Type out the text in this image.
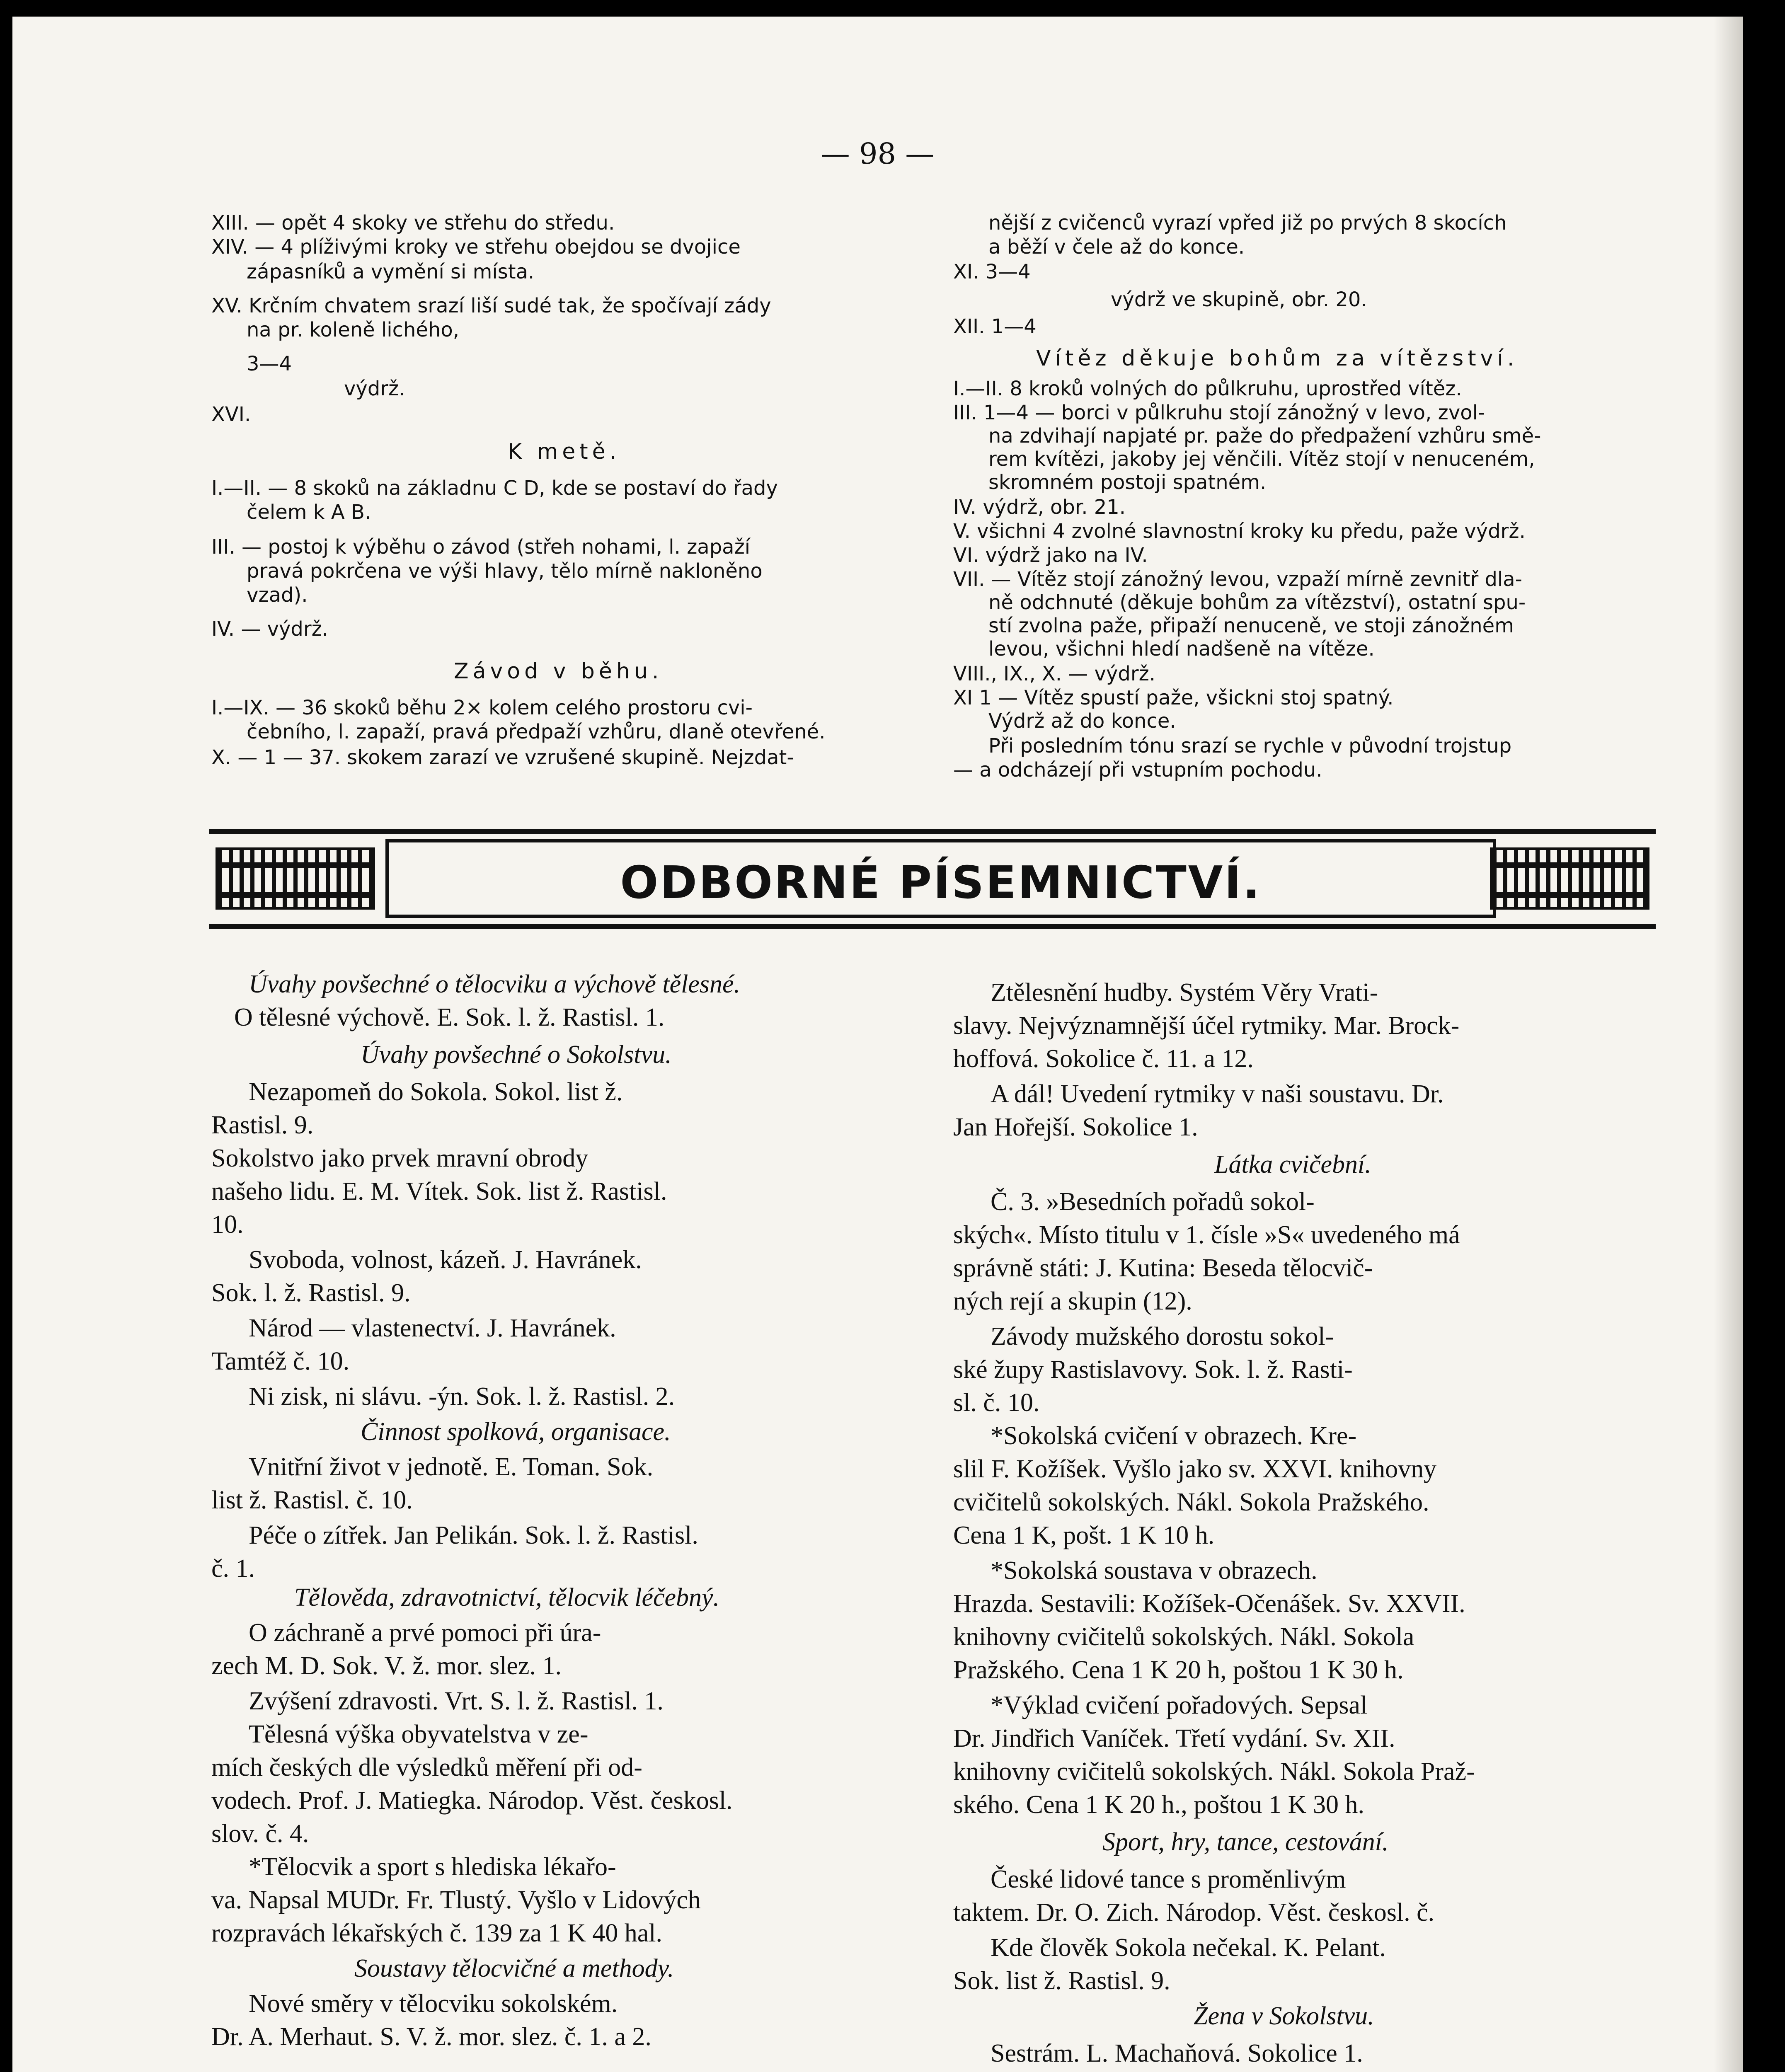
— 98 —
XIII. — opět 4 skoky ve střehu do středu.
XIV. — 4 plíživými kroky ve střehu obejdou se dvojice
zápasníků a vymění si místa.
XV. Krčním chvatem srazí liší sudé tak, že spočívají zády
na pr. koleně lichého,
3—4
výdrž.
XVI.
K metě.
I.—II. — 8 skoků na základnu C D, kde se postaví do řady
čelem k A B.
III. — postoj k výběhu o závod (střeh nohami, l. zapaží
pravá pokrčena ve výši hlavy, tělo mírně nakloněno
vzad).
IV. — výdrž.
Závod v běhu.
I.—IX. — 36 skoků běhu 2× kolem celého prostoru cvi-
čebního, l. zapaží, pravá předpaží vzhůru, dlaně otevřené.
X. — 1 — 37. skokem zarazí ve vzrušené skupině. Nejzdat-
nější z cvičenců vyrazí vpřed již po prvých 8 skocích
a běží v čele až do konce.
XI. 3—4
výdrž ve skupině, obr. 20.
XII. 1—4
Vítěz děkuje bohům za vítězství.
I.—II. 8 kroků volných do půlkruhu, uprostřed vítěz.
III. 1—4 — borci v půlkruhu stojí zánožný v levo, zvol-
na zdvihají napjaté pr. paže do předpažení vzhůru smě-
rem kvítězi, jakoby jej věnčili. Vítěz stojí v nenuceném,
skromném postoji spatném.
IV. výdrž, obr. 21.
V. všichni 4 zvolné slavnostní kroky ku předu, paže výdrž.
VI. výdrž jako na IV.
VII. — Vítěz stojí zánožný levou, vzpaží mírně zevnitř dla-
ně odchnuté (děkuje bohům za vítězství), ostatní spu-
stí zvolna paže, připaží nenuceně, ve stoji zánožném
levou, všichni hledí nadšeně na vítěze.
VIII., IX., X. — výdrž.
XI 1 — Vítěz spustí paže, všickni stoj spatný.
Výdrž až do konce.
Při posledním tónu srazí se rychle v původní trojstup
— a odcházejí při vstupním pochodu.
ODBORNÉ PÍSEMNICTVÍ.
Úvahy povšechné o tělocviku a výchově tělesné.
O tělesné výchově. E. Sok. l. ž. Rastisl. 1.
Úvahy povšechné o Sokolstvu.
Nezapomeň do Sokola. Sokol. list ž.
Rastisl. 9.
Sokolstvo jako prvek mravní obrody
našeho lidu. E. M. Vítek. Sok. list ž. Rastisl.
10.
Svoboda, volnost, kázeň. J. Havránek.
Sok. l. ž. Rastisl. 9.
Národ — vlastenectví. J. Havránek.
Tamtéž č. 10.
Ni zisk, ni slávu. -ýn. Sok. l. ž. Rastisl. 2.
Činnost spolková, organisace.
Vnitřní život v jednotě. E. Toman. Sok.
list ž. Rastisl. č. 10.
Péče o zítřek. Jan Pelikán. Sok. l. ž. Rastisl.
č. 1.
Tělověda, zdravotnictví, tělocvik léčebný.
O záchraně a prvé pomoci při úra-
zech M. D. Sok. V. ž. mor. slez. 1.
Zvýšení zdravosti. Vrt. S. l. ž. Rastisl. 1.
Tělesná výška obyvatelstva v ze-
mích českých dle výsledků měření při od-
vodech. Prof. J. Matiegka. Národop. Věst. českosl.
slov. č. 4.
*Tělocvik a sport s hlediska lékařo-
va. Napsal MUDr. Fr. Tlustý. Vyšlo v Lidových
rozpravách lékařských č. 139 za 1 K 40 hal.
Soustavy tělocvičné a methody.
Nové směry v tělocviku sokolském.
Dr. A. Merhaut. S. V. ž. mor. slez. č. 1. a 2.
Ztělesnění hudby. Systém Věry Vrati-
slavy. Nejvýznamnější účel rytmiky. Mar. Brock-
hoffová. Sokolice č. 11. a 12.
A dál! Uvedení rytmiky v naši soustavu. Dr.
Jan Hořejší. Sokolice 1.
Látka cvičební.
Č. 3. »Besedních pořadů sokol-
ských«. Místo titulu v 1. čísle »S« uvedeného má
správně státi: J. Kutina: Beseda tělocvič-
ných rejí a skupin (12).
Závody mužského dorostu sokol-
ské župy Rastislavovy. Sok. l. ž. Rasti-
sl. č. 10.
*Sokolská cvičení v obrazech. Kre-
slil F. Kožíšek. Vyšlo jako sv. XXVI. knihovny
cvičitelů sokolských. Nákl. Sokola Pražského.
Cena 1 K, pošt. 1 K 10 h.
*Sokolská soustava v obrazech.
Hrazda. Sestavili: Kožíšek-Očenášek. Sv. XXVII.
knihovny cvičitelů sokolských. Nákl. Sokola
Pražského. Cena 1 K 20 h, poštou 1 K 30 h.
*Výklad cvičení pořadových. Sepsal
Dr. Jindřich Vaníček. Třetí vydání. Sv. XII.
knihovny cvičitelů sokolských. Nákl. Sokola Praž-
ského. Cena 1 K 20 h., poštou 1 K 30 h.
Sport, hry, tance, cestování.
České lidové tance s proměnlivým
taktem. Dr. O. Zich. Národop. Věst. českosl. č.
Kde člověk Sokola nečekal. K. Pelant.
Sok. list ž. Rastisl. 9.
Žena v Sokolstvu.
Sestrám. L. Machaňová. Sokolice 1.
